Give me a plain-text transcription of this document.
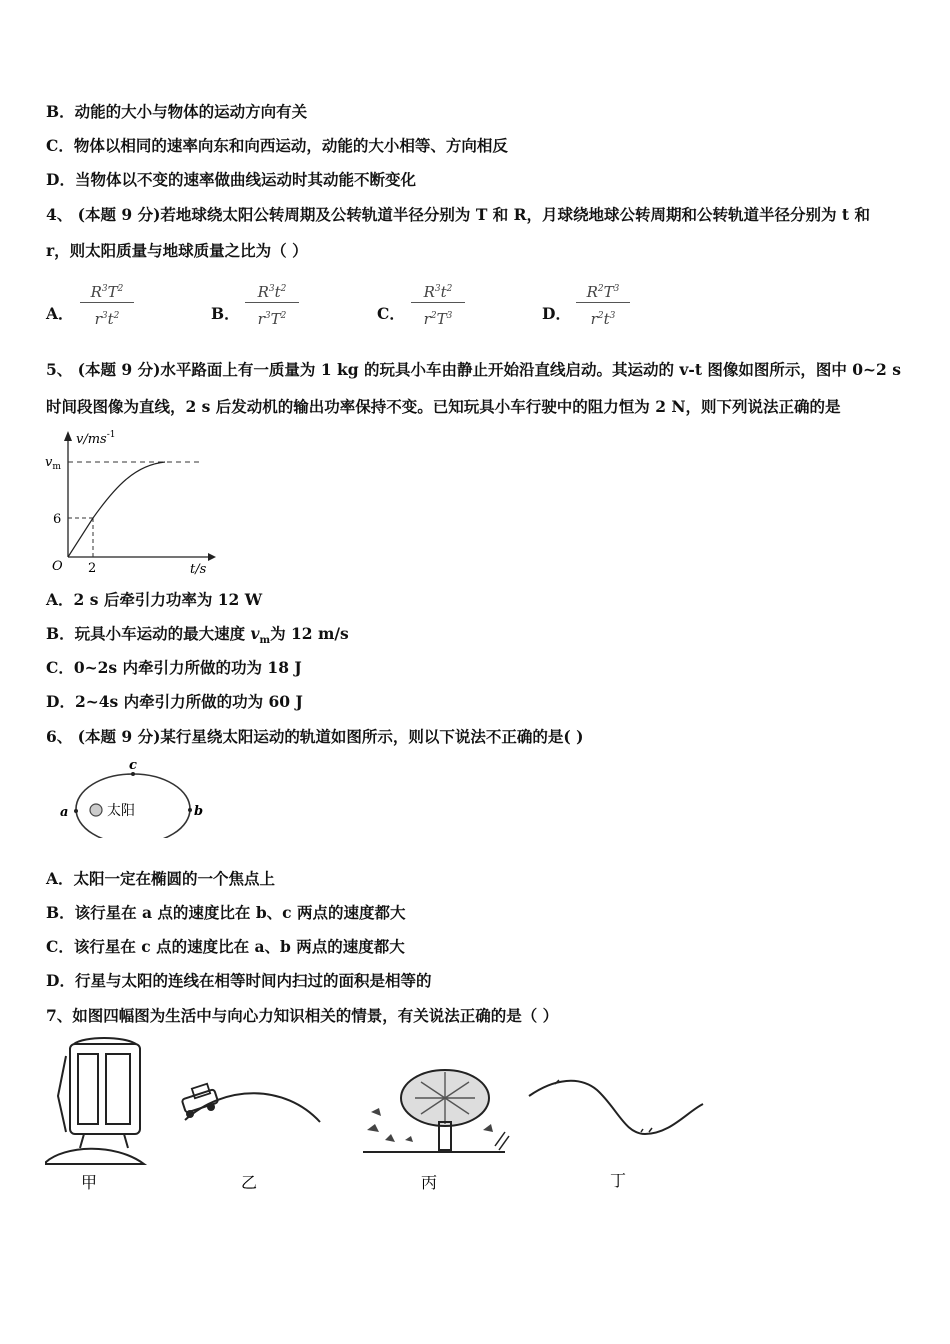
B．动能的大小与物体的运动方向有关
C．物体以相同的速率向东和向西运动，动能的大小相等、方向相反
D．当物体以不变的速率做曲线运动时其动能不断变化
4、 (本题 9 分)若地球绕太阳公转周期及公转轨道半径分别为 T 和 R，月球绕地球公转周期和公转轨道半径分别为 t 和
r，则太阳质量与地球质量之比为（ ）
A．
$R^3T^2$
$r^3t^2$	B．
$R^3t^2$
$r^3T^2$	C．
$R^3t^2$
$r^2T^3$	D．
$R^2T^3$
$r^2t^3$
5、 (本题 9 分)水平路面上有一质量为 1 kg 的玩具小车由静止开始沿直线启动。其运动的 v-t 图像如图所示，图中 0~2 s
时间段图像为直线，2 s 后发动机的输出功率保持不变。已知玩具小车行驶中的阻力恒为 2 N，则下列说法正确的是
$v/ms^{-1}$
$v_m$
6
2
O	t/s
A．2 s 后牵引力功率为 12 W
B．玩具小车运动的最大速度 $v_m$为 12 m/s
C．0~2s 内牵引力所做的功为 18 J
D．2~4s 内牵引力所做的功为 60 J
6、 (本题 9 分)某行星绕太阳运动的轨道如图所示，则以下说法不正确的是( )
太阳
a	b
c
A．太阳一定在椭圆的一个焦点上
B．该行星在 a 点的速度比在 b、c 两点的速度都大
C．该行星在 c 点的速度比在 a、b 两点的速度都大
D．行星与太阳的连线在相等时间内扫过的面积是相等的
7、如图四幅图为生活中与向心力知识相关的情景，有关说法正确的是（ ）
甲	乙	丙	丁
